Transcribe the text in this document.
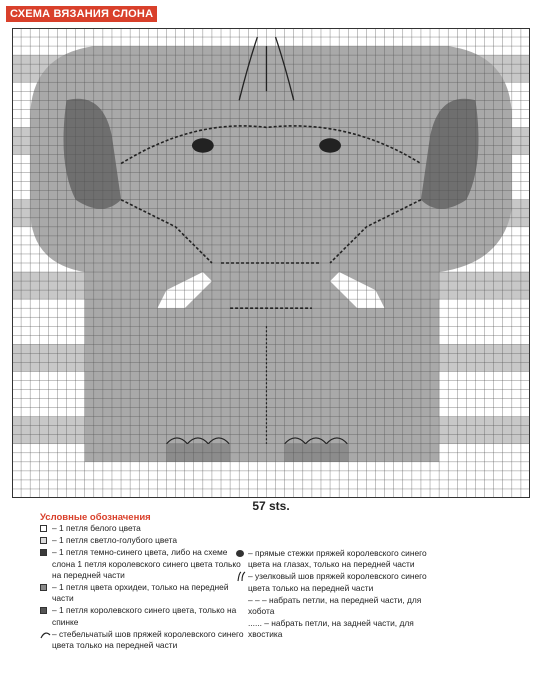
СХЕМА ВЯЗАНИЯ СЛОНА
57 sts.
Условные обозначения
– 1 петля белого цвета
– 1 петля светло-голубого цвета
– 1 петля темно-синего цвета, либо на схеме слона 1 петля королевского синего цвета только на передней части
– 1 петля цвета орхидеи, только на передней части
– 1 петля королевского синего цвета, только на спинке
– стебельчатый шов пряжей королевского синего цвета только на передней части
– прямые стежки пряжей королевского синего цвета на глазах, только на передней части
– узелковый шов пряжей королевского синего цвета только на передней части
– – – набрать петли, на передней части, для хобота
...... – набрать петли, на задней части, для хвостика
